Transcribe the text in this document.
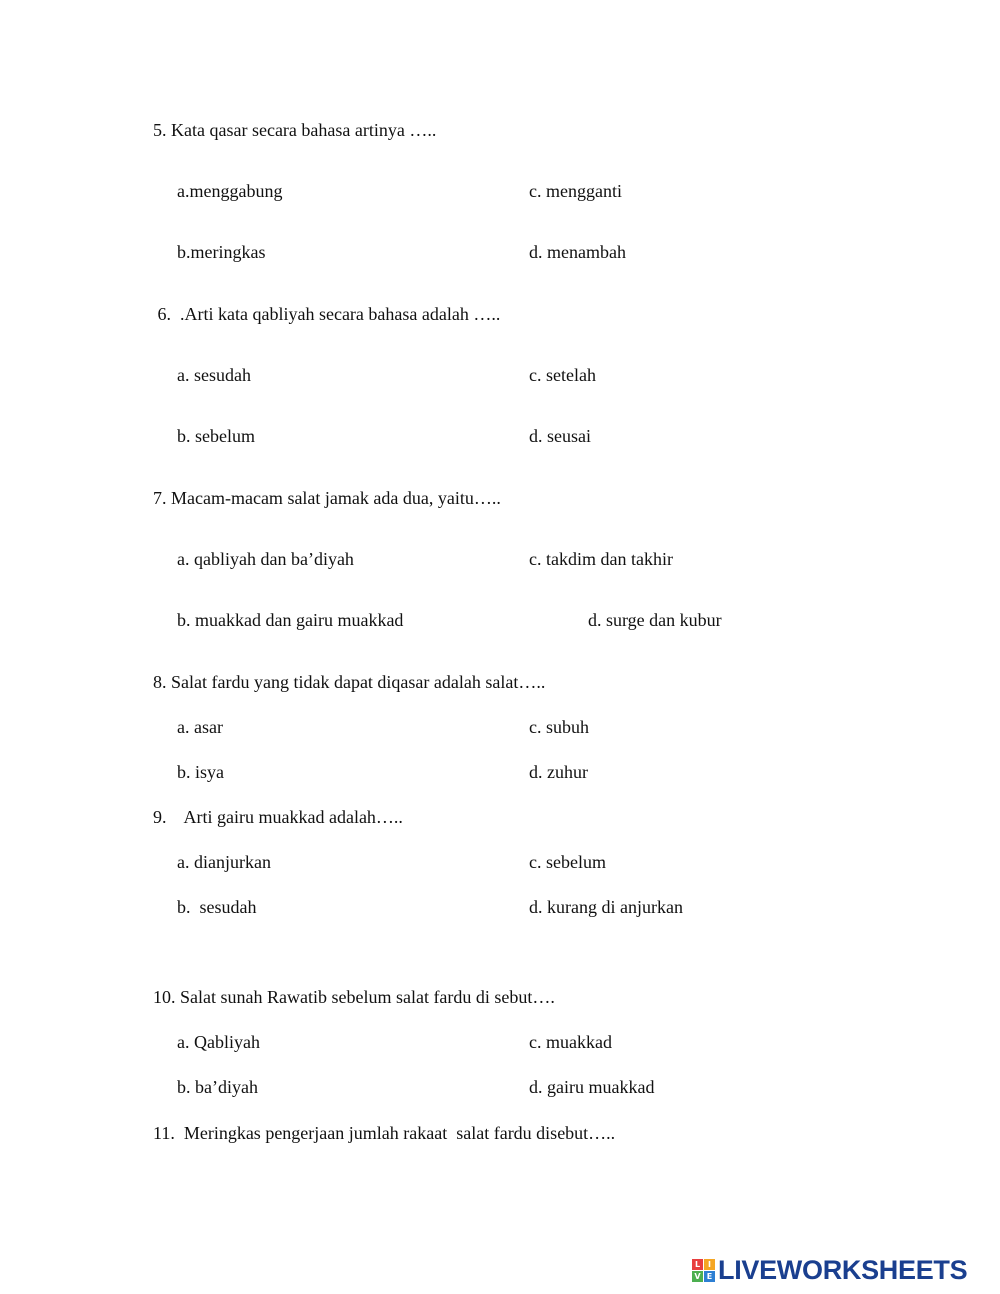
5. Kata qasar secara bahasa artinya …..

a.menggabung	c. mengganti

b.meringkas	d. menambah

6.  .Arti kata qabliyah secara bahasa adalah …..

a. sesudah	c. setelah

b. sebelum	d. seusai

7. Macam-macam salat jamak ada dua, yaitu…..

a. qabliyah dan ba’diyah	c. takdim dan takhir

b. muakkad dan gairu muakkad	d. surge dan kubur

8. Salat fardu yang tidak dapat diqasar adalah salat…..

a. asar	c. subuh

b. isya	d. zuhur

9.    Arti gairu muakkad adalah…..

a. dianjurkan	c. sebelum

b.  sesudah	d. kurang di anjurkan

10. Salat sunah Rawatib sebelum salat fardu di sebut….

a. Qabliyah	c. muakkad

b. ba’diyah	d. gairu muakkad

11.  Meringkas pengerjaan jumlah rakaat  salat fardu disebut…..

L I
V E LIVEWORKSHEETS
